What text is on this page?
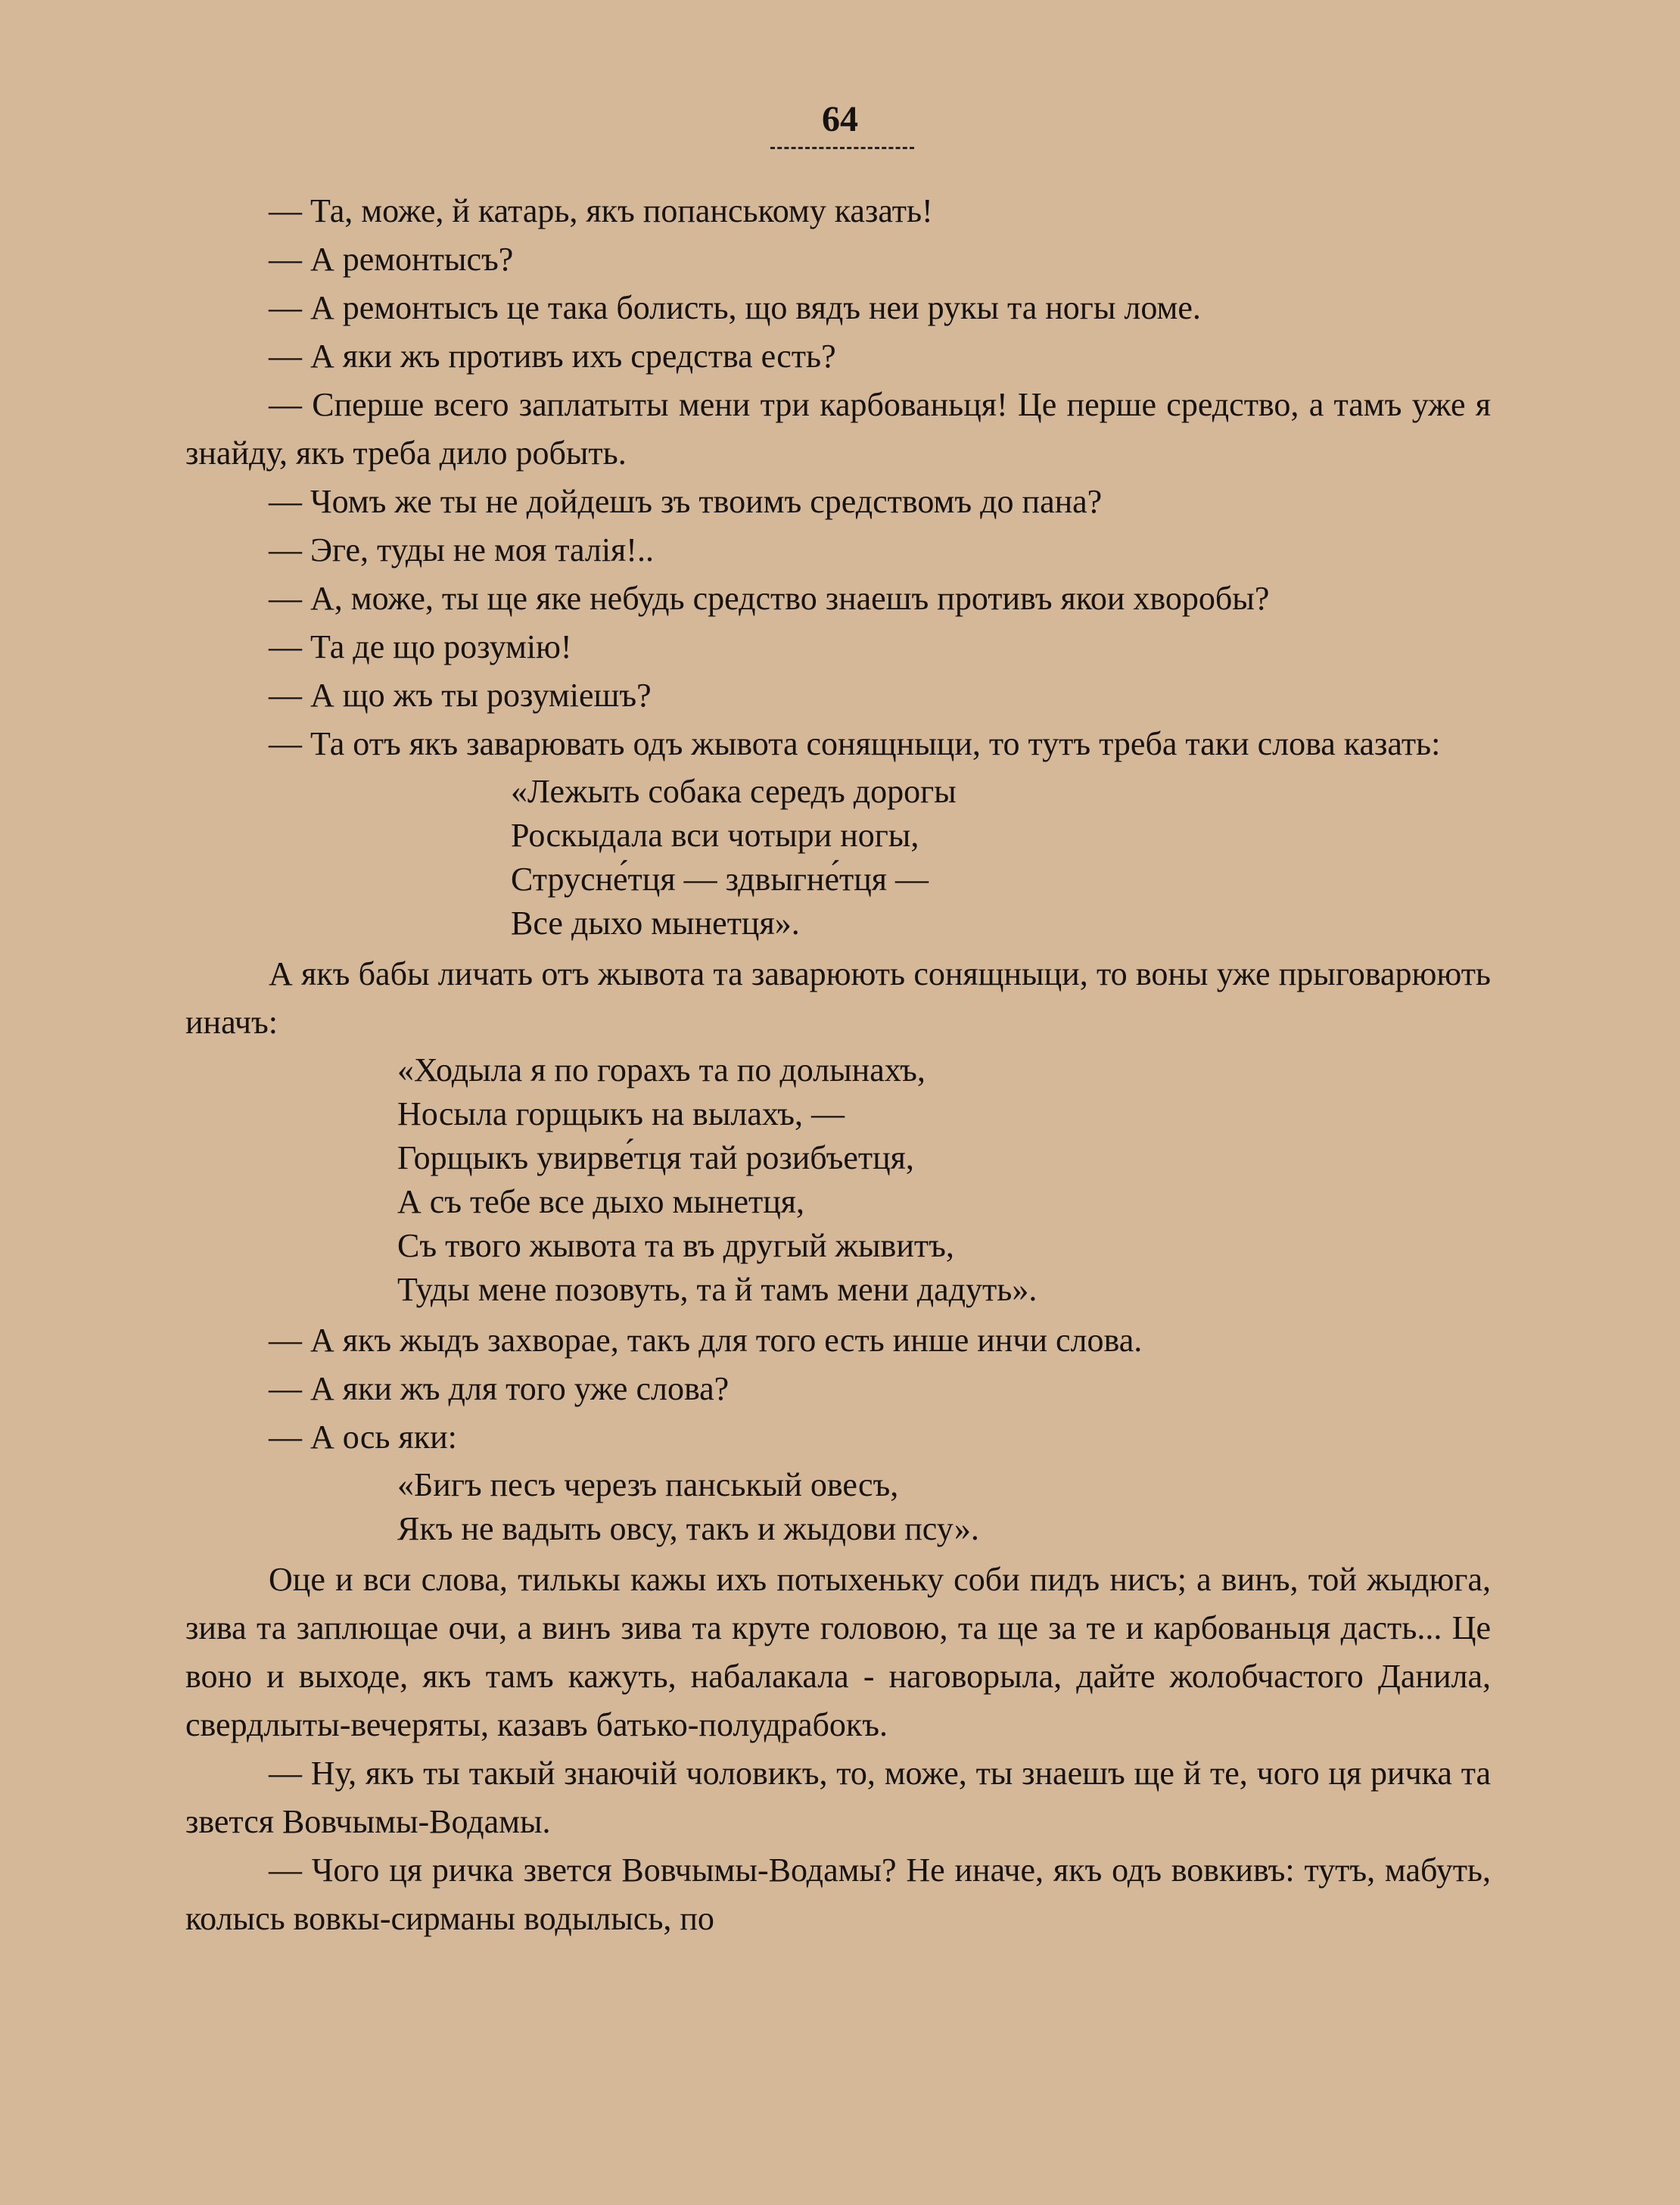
64

— Та, може, й катарь, якъ попанському казать!

— А ремонтысъ?

— А ремонтысъ це така болисть, що вядъ неи рукы та ногы ломе.

— А яки жъ противъ ихъ средства есть?

— Сперше всего заплатыты мени три карбованьця! Це перше средство, а тамъ уже я знайду, якъ треба дило робыть.

— Чомъ же ты не дойдешъ зъ твоимъ средствомъ до пана?

— Эге, туды не моя талія!..

— А, може, ты ще яке небудь средство знаешъ противъ якои хворобы?

— Та де що розумію!

— А що жъ ты розумiешъ?

— Та отъ якъ заварювать одъ жывота сонящныци, то тутъ треба таки слова казать:

«Лежыть собака середъ дорогы
Роскыдала вси чотыри ногы,
Струсне́тця — здвыгне́тця —
Все дыхо мынетця».

А якъ бабы личать отъ жывота та заварюють сонящныци, то воны уже прыговарюють иначъ:

«Ходыла я по горахъ та по долынахъ,
Носыла горщыкъ на вылахъ, —
Горщыкъ увирве́тця тай розибъетця,
А съ тебе все дыхо мынетця,
Съ твого жывота та въ другый жывитъ,
Туды мене позовуть, та й тамъ мени дадуть».

— А якъ жыдъ захворае, такъ для того есть инше инчи слова.

— А яки жъ для того уже слова?

— А ось яки:

«Бигъ песъ черезъ панськый овесъ,
Якъ не вадыть овсу, такъ и жыдови псу».

Оце и вси слова, тилькы кажы ихъ потыхеньку соби пидъ нисъ; а винъ, той жыдюга, зива та заплющае очи, а винъ зива та круте головою, та ще за те и карбованьця дасть... Це воно и выходе, якъ тамъ кажуть, набалакала - наговорыла, дайте жолобчастого Данила, свердлыты-вечеряты, казавъ батько-полудрабокъ.

— Ну, якъ ты такый знаючій чоловикъ, то, може, ты знаешъ ще й те, чого ця ричка та звется Вовчымы-Водамы.

— Чого ця ричка звется Вовчымы-Водамы? Не иначе, якъ одъ вовкивъ: тутъ, мабуть, колысь вовкы-сирманы водылысь, по
